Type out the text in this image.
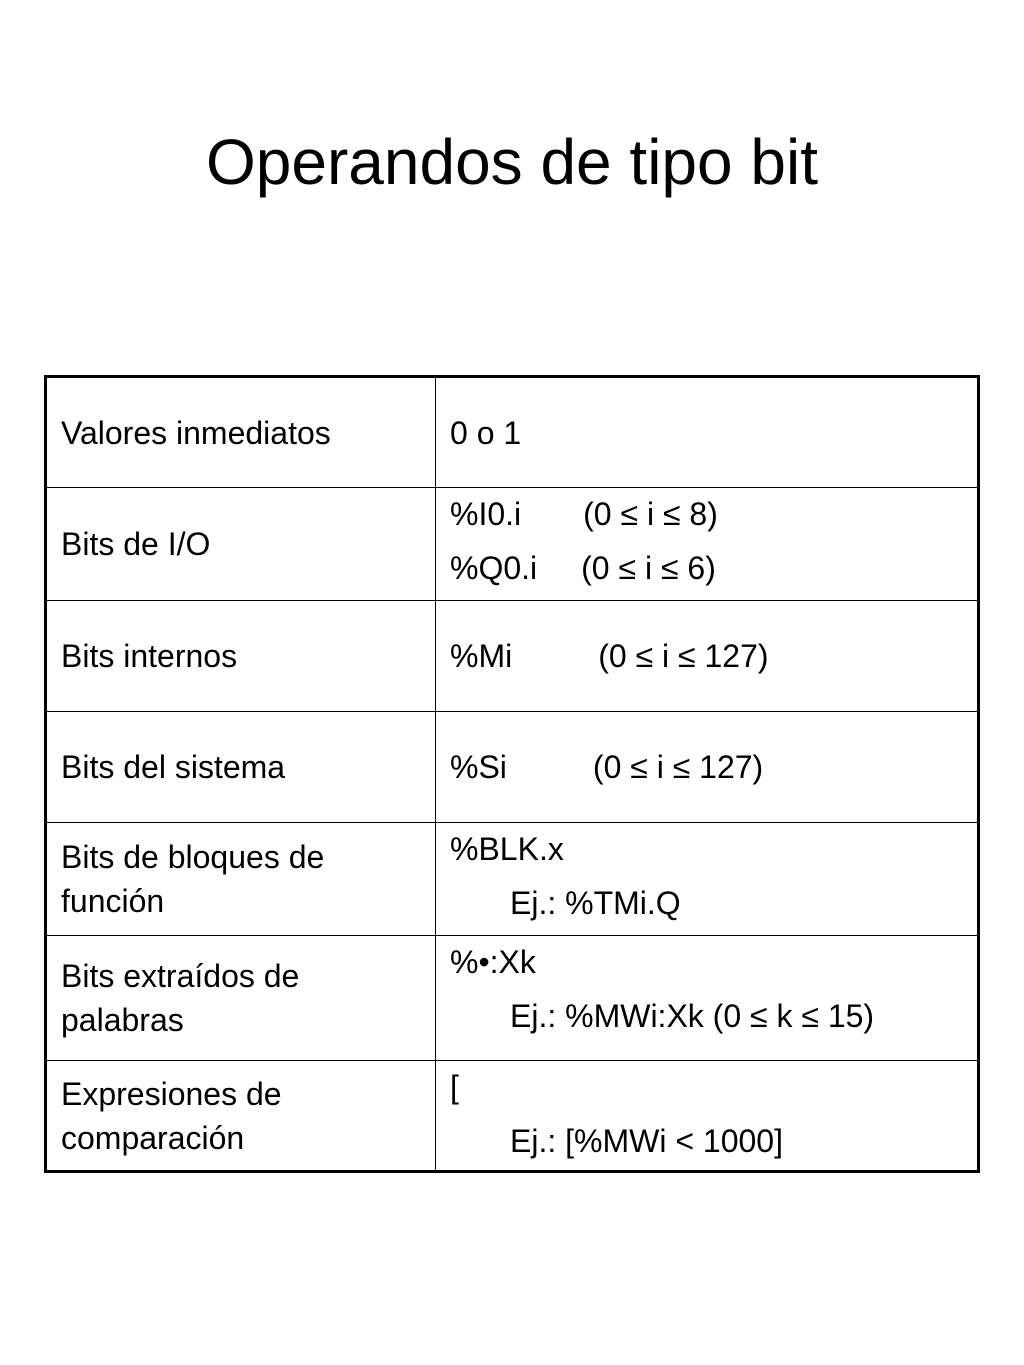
Operandos de tipo bit
Valores inmediatos	0 o 1

Bits de I/O	%I0.i (0 ≤ i ≤ 8)
%Q0.i (0 ≤ i ≤ 6)

Bits internos	%Mi (0 ≤ i ≤ 127)

Bits del sistema	%Si (0 ≤ i ≤ 127)

Bits de bloques de función	%BLK.x
Ej.: %TMi.Q

Bits extraídos de palabras	%•:Xk
Ej.: %MWi:Xk (0 ≤ k ≤ 15)

Expresiones de comparación	[
Ej.: [%MWi < 1000]
